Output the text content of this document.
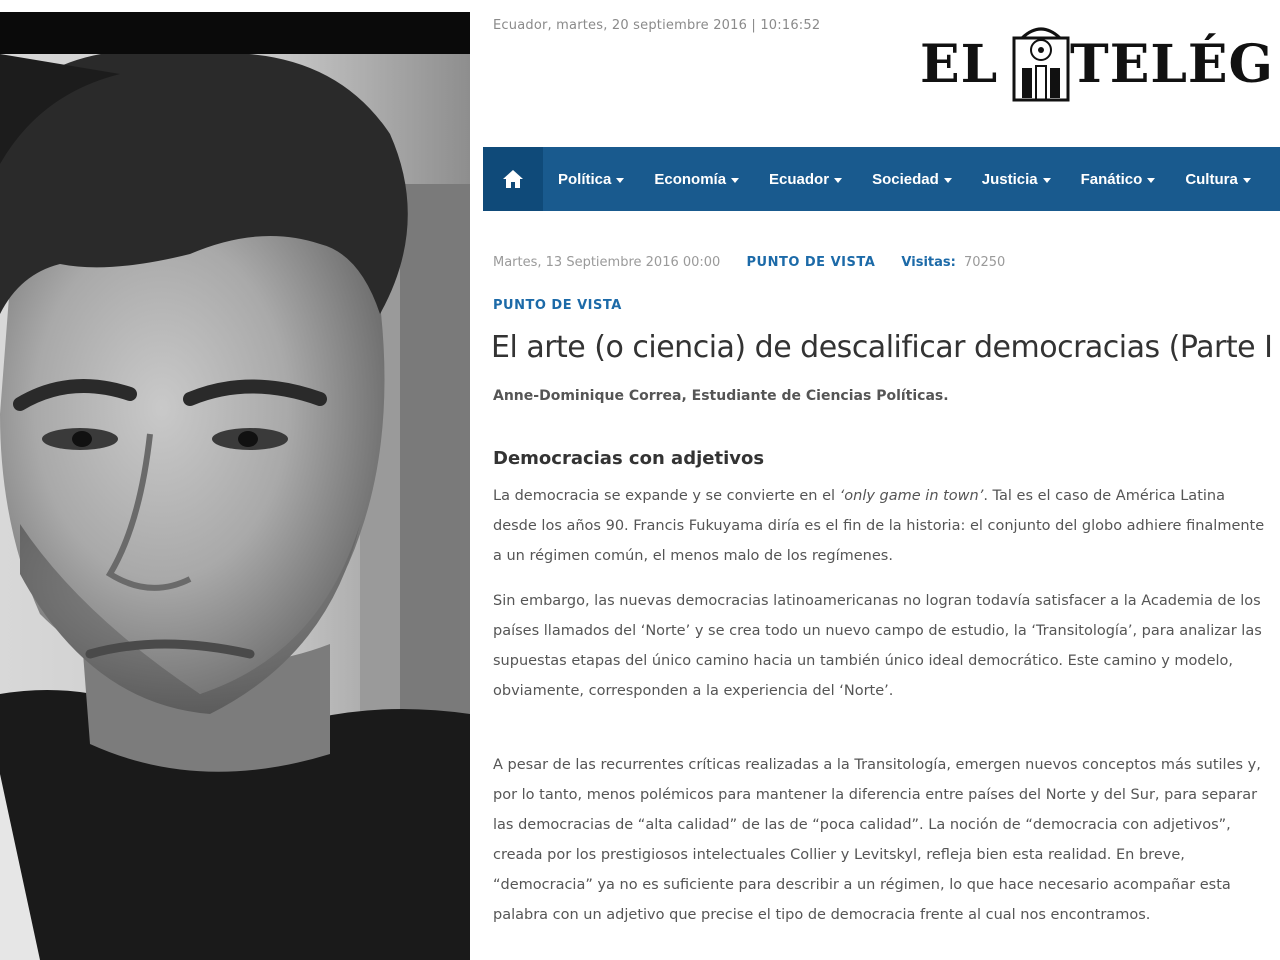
Ecuador, martes, 20 septiembre 2016 | 10:16:52
EL TELÉG
Política	Economía	Ecuador	Sociedad	Justicia	Fanático	Cultura
Martes, 13 Septiembre 2016 00:00 PUNTO DE VISTA Visitas: 70250
PUNTO DE VISTA
El arte (o ciencia) de descalificar democracias (Parte I
Anne-Dominique Correa, Estudiante de Ciencias Políticas.
Democracias con adjetivos
La democracia se expande y se convierte en el ‘only game in town’. Tal es el caso de América Latina desde los años 90. Francis Fukuyama diría es el fin de la historia: el conjunto del globo adhiere finalmente a un régimen común, el menos malo de los regímenes.
Sin embargo, las nuevas democracias latinoamericanas no logran todavía satisfacer a la Academia de los países llamados del ‘Norte’ y se crea todo un nuevo campo de estudio, la ‘Transitología’, para analizar las supuestas etapas del único camino hacia un también único ideal democrático. Este camino y modelo, obviamente, corresponden a la experiencia del ‘Norte’.
A pesar de las recurrentes críticas realizadas a la Transitología, emergen nuevos conceptos más sutiles y, por lo tanto, menos polémicos para mantener la diferencia entre países del Norte y del Sur, para separar las democracias de “alta calidad” de las de “poca calidad”. La noción de “democracia con adjetivos”, creada por los prestigiosos intelectuales Collier y Levitskyl, refleja bien esta realidad. En breve, “democracia” ya no es suficiente para describir a un régimen, lo que hace necesario acompañar esta palabra con un adjetivo que precise el tipo de democracia frente al cual nos encontramos.
